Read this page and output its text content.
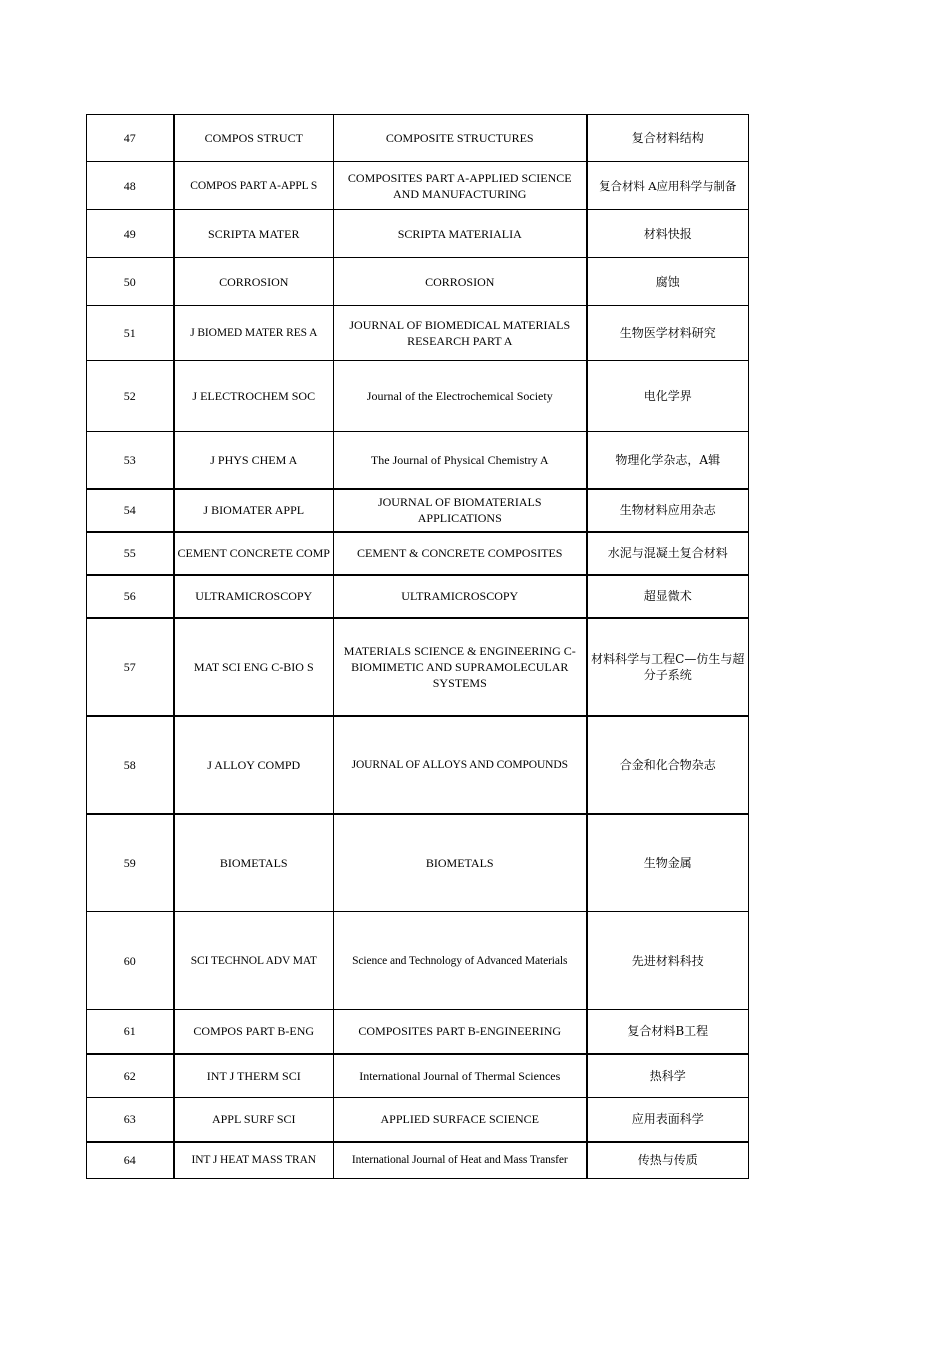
47	COMPOS STRUCT	COMPOSITE STRUCTURES	复合材料结构
48	COMPOS PART A-APPL S	COMPOSITES PART A-APPLIED SCIENCE AND MANUFACTURING	复合材料 A应用科学与制备
49	SCRIPTA MATER	SCRIPTA MATERIALIA	材料快报
50	CORROSION	CORROSION	腐蚀
51	J BIOMED MATER RES A	JOURNAL OF BIOMEDICAL MATERIALS RESEARCH PART A	生物医学材料研究
52	J ELECTROCHEM SOC	Journal of the Electrochemical Society	电化学界
53	J PHYS CHEM A	The Journal of Physical Chemistry A	物理化学杂志，A辑
54	J BIOMATER APPL	JOURNAL OF BIOMATERIALS APPLICATIONS	生物材料应用杂志
55	CEMENT CONCRETE COMP	CEMENT & CONCRETE COMPOSITES	水泥与混凝土复合材料
56	ULTRAMICROSCOPY	ULTRAMICROSCOPY	超显微术
57	MAT SCI ENG C-BIO S	MATERIALS SCIENCE & ENGINEERING C-BIOMIMETIC AND SUPRAMOLECULAR SYSTEMS	材料科学与工程C—仿生与超分子系统
58	J ALLOY COMPD	JOURNAL OF ALLOYS AND COMPOUNDS	合金和化合物杂志
59	BIOMETALS	BIOMETALS	生物金属
60	SCI TECHNOL ADV MAT	Science and Technology of Advanced Materials	先进材料科技
61	COMPOS PART B-ENG	COMPOSITES PART B-ENGINEERING	复合材料B工程
62	INT J THERM SCI	International Journal of Thermal Sciences	热科学
63	APPL SURF SCI	APPLIED SURFACE SCIENCE	应用表面科学
64	INT J HEAT MASS TRAN	International Journal of Heat and Mass Transfer	传热与传质
